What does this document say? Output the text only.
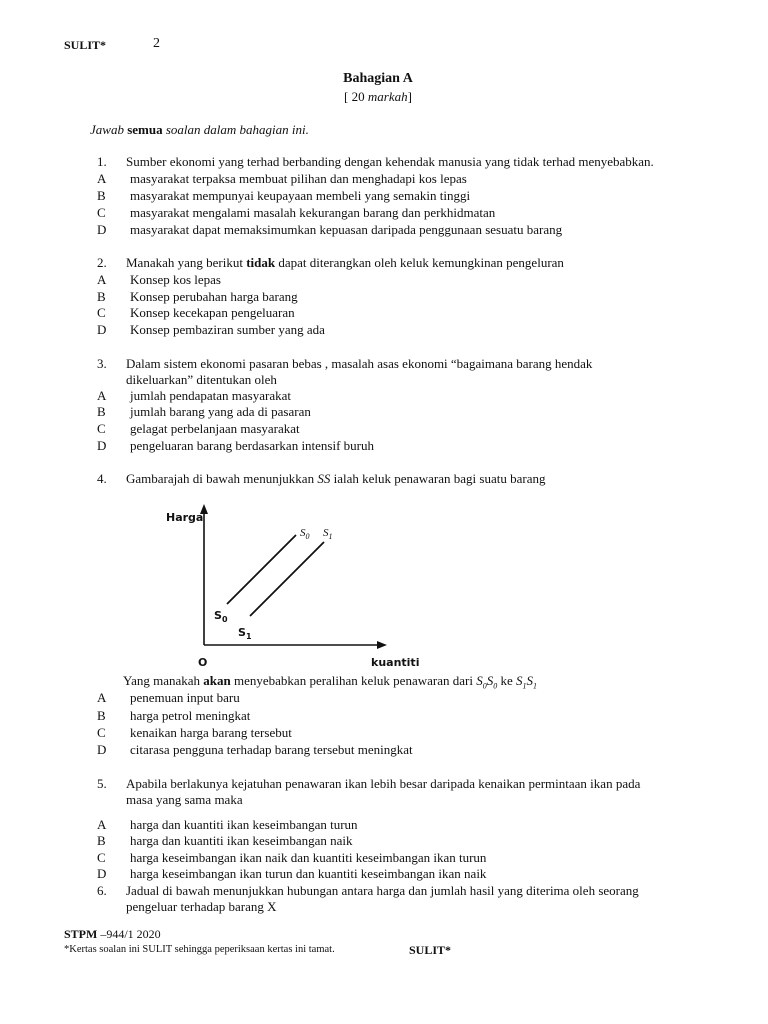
SULIT*	2
Bahagian A
[ 20 markah]
Jawab semua soalan dalam bahagian ini.
1. Sumber ekonomi yang terhad berbanding dengan kehendak manusia yang tidak terhad menyebabkan.
A masyarakat terpaksa membuat pilihan dan menghadapi kos lepas
B masyarakat mempunyai keupayaan membeli yang semakin tinggi
C masyarakat mengalami masalah kekurangan barang dan perkhidmatan
D masyarakat dapat memaksimumkan kepuasan daripada penggunaan sesuatu barang
2. Manakah yang berikut tidak dapat diterangkan oleh keluk kemungkinan pengeluran
A Konsep kos lepas
B Konsep perubahan harga barang
C Konsep kecekapan pengeluaran
D Konsep pembaziran sumber yang ada
3. Dalam sistem ekonomi pasaran bebas , masalah asas ekonomi “bagaimana barang hendak
dikeluarkan” ditentukan oleh
A jumlah pendapatan masyarakat
B jumlah barang yang ada di pasaran
C gelagat perbelanjaan masyarakat
D pengeluaran barang berdasarkan intensif buruh
4. Gambarajah di bawah menunjukkan SS ialah keluk penawaran bagi suatu barang
Harga
kuantiti
O
$S_0$ $S_1$
$S_0$
$S_1$
Yang manakah akan menyebabkan peralihan keluk penawaran dari $S_0S_0$ ke $S_1S_1$
A penemuan input baru
B harga petrol meningkat
C kenaikan harga barang tersebut
D citarasa pengguna terhadap barang tersebut meningkat
5. Apabila berlakunya kejatuhan penawaran ikan lebih besar daripada kenaikan permintaan ikan pada
masa yang sama maka
A harga dan kuantiti ikan keseimbangan turun
B harga dan kuantiti ikan keseimbangan naik
C harga keseimbangan ikan naik dan kuantiti keseimbangan ikan turun
D harga keseimbangan ikan turun dan kuantiti keseimbangan ikan naik
6. Jadual di bawah menunjukkan hubungan antara harga dan jumlah hasil yang diterima oleh seorang
pengeluar terhadap barang X
STPM –944/1 2020
*Kertas soalan ini SULIT sehingga peperiksaan kertas ini tamat.	SULIT*
